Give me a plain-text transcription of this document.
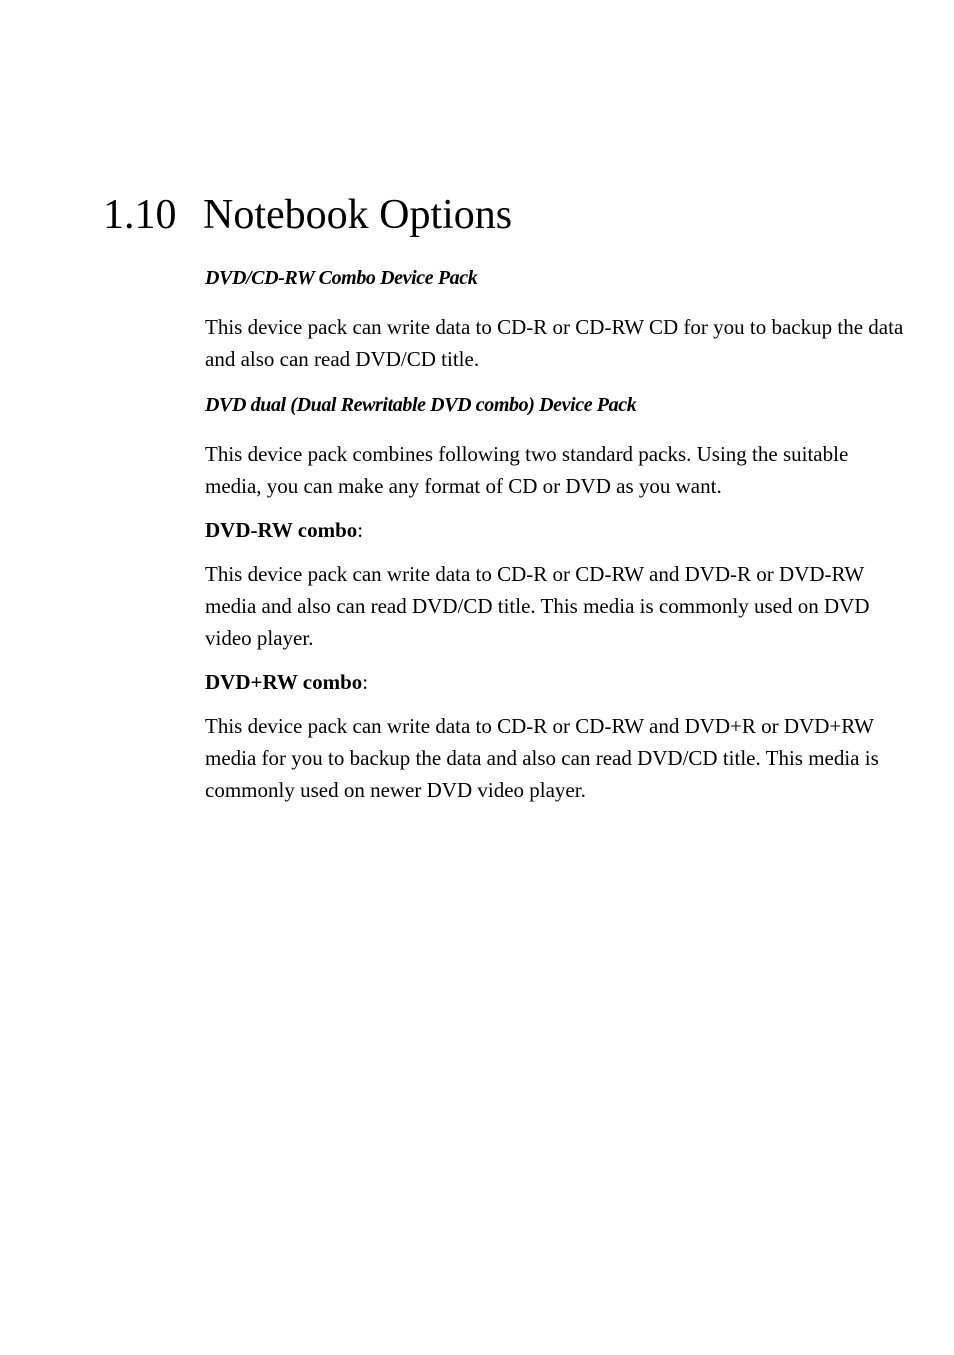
1.10 Notebook Options

DVD/CD-RW Combo Device Pack

This device pack can write data to CD-R or CD-RW CD for you to backup the data and also can read DVD/CD title.

DVD dual (Dual Rewritable DVD combo) Device Pack

This device pack combines following two standard packs. Using the suitable media, you can make any format of CD or DVD as you want.

DVD-RW combo:

This device pack can write data to CD-R or CD-RW and DVD-R or DVD-RW media and also can read DVD/CD title. This media is commonly used on DVD video player.

DVD+RW combo:

This device pack can write data to CD-R or CD-RW and DVD+R or DVD+RW media for you to backup the data and also can read DVD/CD title. This media is commonly used on newer DVD video player.
